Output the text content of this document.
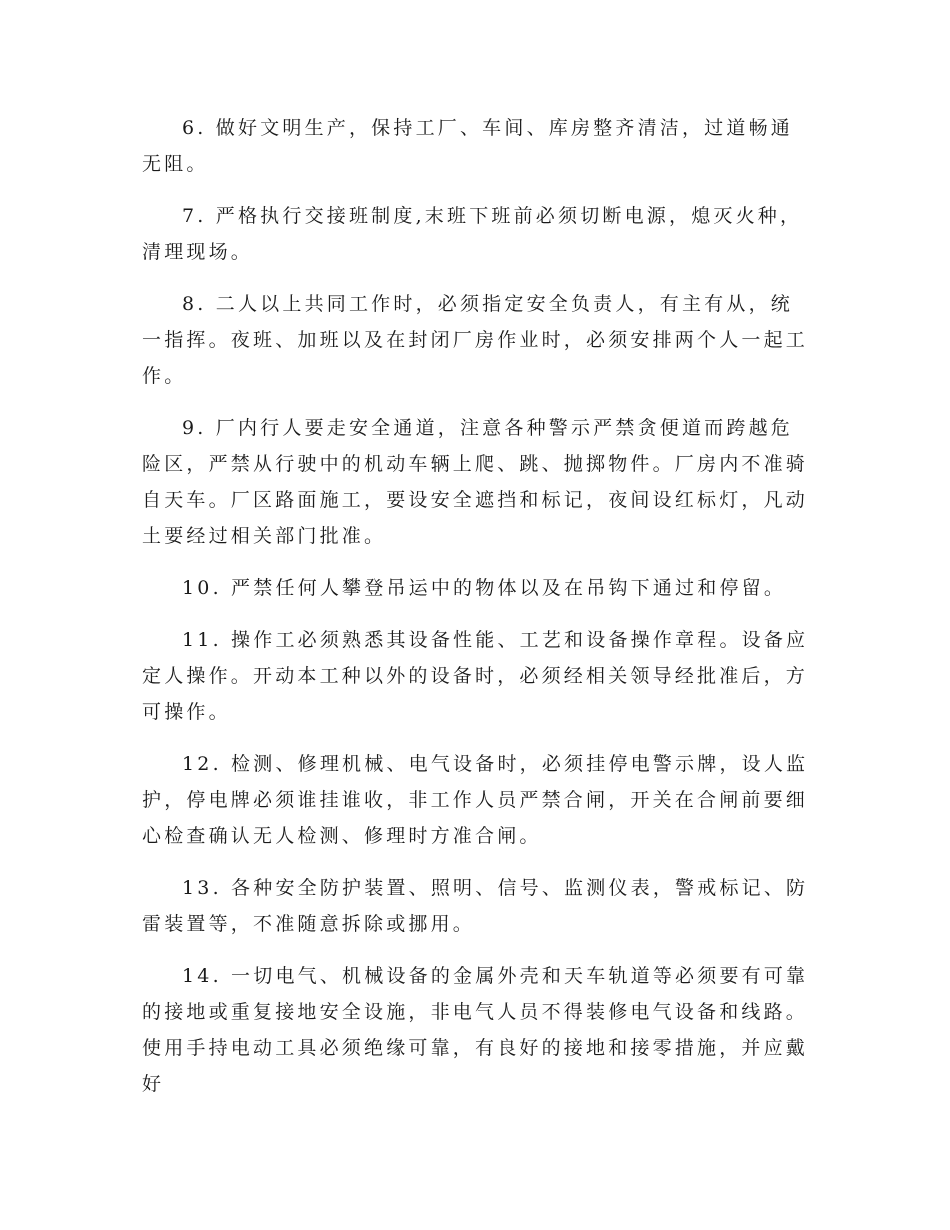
6. 做好文明生产，保持工厂、车间、库房整齐清洁，过道畅通无阻。

7. 严格执行交接班制度,末班下班前必须切断电源，熄灭火种，清理现场。

8. 二人以上共同工作时，必须指定安全负责人，有主有从，统一指挥。夜班、加班以及在封闭厂房作业时，必须安排两个人一起工作。

9. 厂内行人要走安全通道，注意各种警示严禁贪便道而跨越危险区，严禁从行驶中的机动车辆上爬、跳、抛掷物件。厂房内不准骑自天车。厂区路面施工，要设安全遮挡和标记，夜间设红标灯，凡动土要经过相关部门批准。

10. 严禁任何人攀登吊运中的物体以及在吊钩下通过和停留。

11. 操作工必须熟悉其设备性能、工艺和设备操作章程。设备应定人操作。开动本工种以外的设备时，必须经相关领导经批准后，方可操作。

12. 检测、修理机械、电气设备时，必须挂停电警示牌，设人监护，停电牌必须谁挂谁收，非工作人员严禁合闸，开关在合闸前要细心检查确认无人检测、修理时方准合闸。

13. 各种安全防护装置、照明、信号、监测仪表，警戒标记、防雷装置等，不准随意拆除或挪用。

14. 一切电气、机械设备的金属外壳和天车轨道等必须要有可靠的接地或重复接地安全设施，非电气人员不得装修电气设备和线路。使用手持电动工具必须绝缘可靠，有良好的接地和接零措施，并应戴好
